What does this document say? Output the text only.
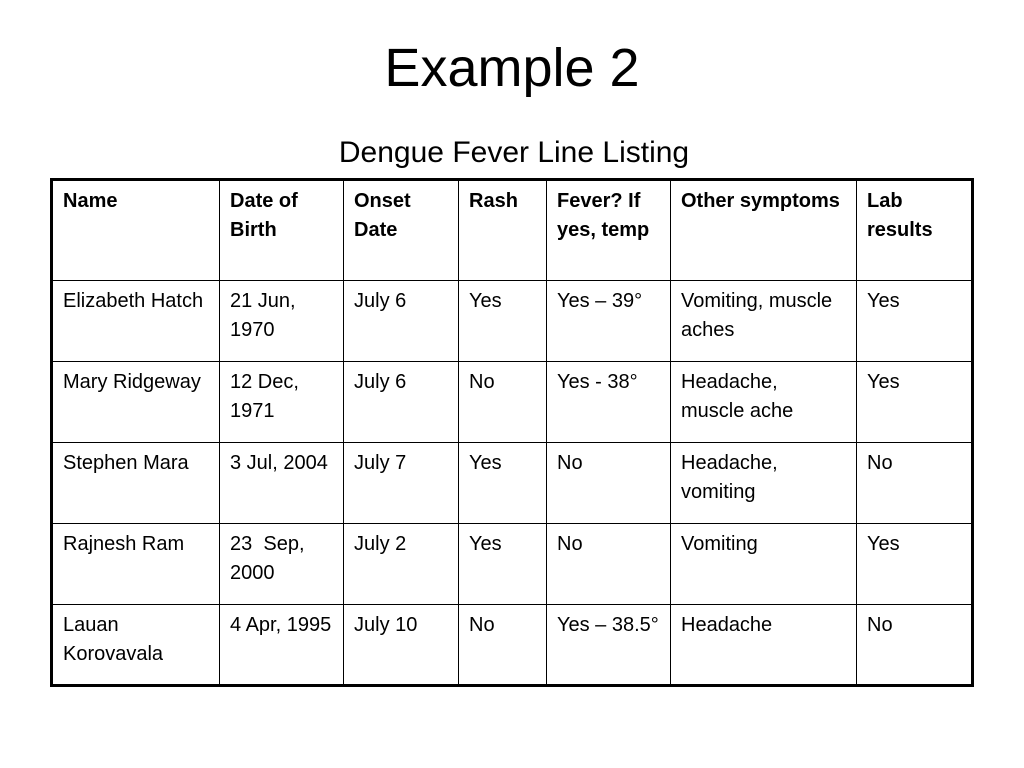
Example 2
Dengue Fever Line Listing
Name	Date of Birth	Onset Date	Rash	Fever? If yes, temp	Other symptoms	Lab results
Elizabeth Hatch	21 Jun, 1970	July 6	Yes	Yes – 39°	Vomiting, muscle aches	Yes
Mary Ridgeway	12 Dec, 1971	July 6	No	Yes - 38°	Headache, muscle ache	Yes
Stephen Mara	3 Jul, 2004	July 7	Yes	No	Headache, vomiting	No
Rajnesh Ram	23  Sep, 2000	July 2	Yes	No	Vomiting	Yes
Lauan Korovavala	4 Apr, 1995	July 10	No	Yes – 38.5°	Headache	No
